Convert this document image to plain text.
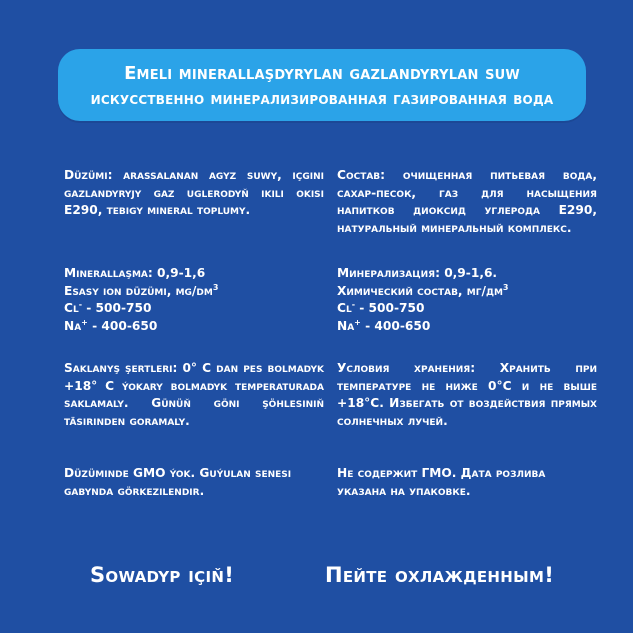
Emeli minerallaşdyrylan gazlandyrylan suw
искусственно минерализированная газированная вода
Düzümi: arassalanan agyz suwy, içgini gazlandyryjy gaz uglerodyň ikili okisi E290, tebigy mineral toplumy.
Состав: очищенная питьевая вода, сахар-песок, газ для насыщения напитков диоксид углерода Е290, натуральный минеральный комплекс.
Minerallaşma: 0,9-1,6
Esasy ion düzümi, $mg/dm^3$
Cl- - 500-750
Na+ - 400-650
Минерализация: 0,9-1,6.
Химический состав, $мг/дм^3$
Cl- - 500-750
Na+ - 400-650
Saklanyş şertleri: 0° C dan pes bolmadyk +18° C ýokary bolmadyk temperaturada saklamaly. Günüň göni şöhlesiniň täsirinden goramaly.
Условия хранения: Хранить при температуре не ниже 0°C и не выше +18°C. Избегать от воздействия прямых солнечных лучей.
Düzüminde GMO ýok. Guýulan senesi gabynda görkezilendir.
Не содержит ГМО. Дата розлива указана на упаковке.
Sowadyp içiň!	Пейте охлажденным!
